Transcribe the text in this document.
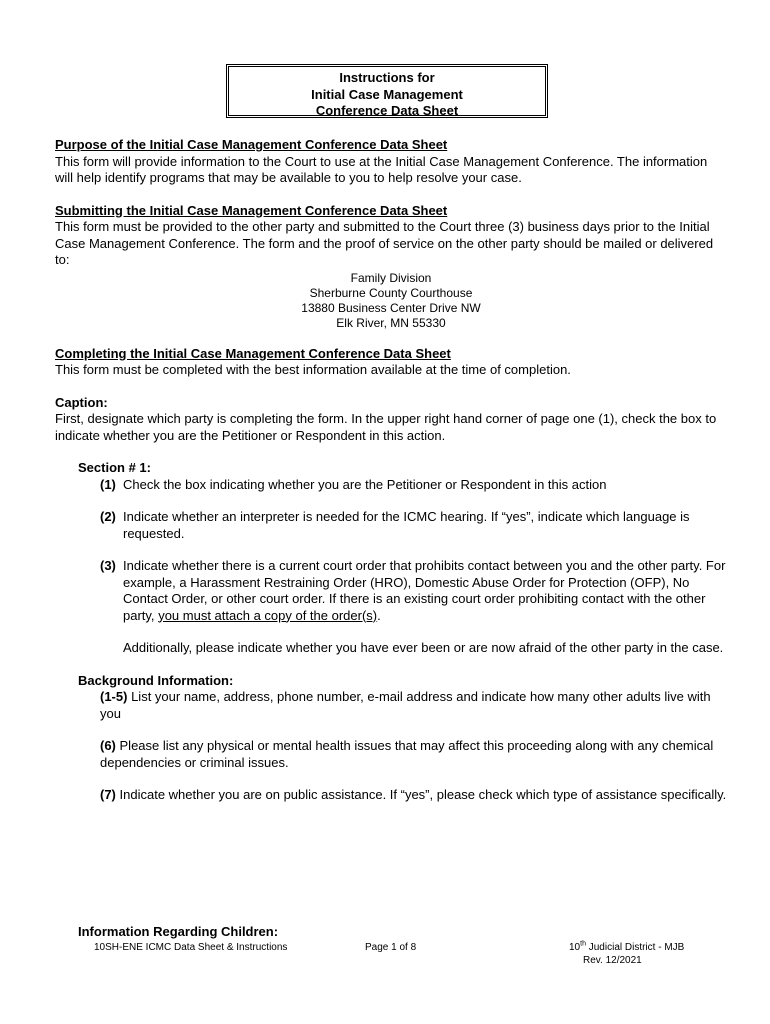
Instructions for
Initial Case Management
Conference Data Sheet

Purpose of the Initial Case Management Conference Data Sheet

This form will provide information to the Court to use at the Initial Case Management Conference. The information will help identify programs that may be available to you to help resolve your case.

Submitting the Initial Case Management Conference Data Sheet

This form must be provided to the other party and submitted to the Court three (3) business days prior to the Initial Case Management Conference. The form and the proof of service on the other party should be mailed or delivered to:

Family Division
Sherburne County Courthouse
13880 Business Center Drive NW
Elk River, MN 55330

Completing the Initial Case Management Conference Data Sheet

This form must be completed with the best information available at the time of completion.

Caption:

First, designate which party is completing the form. In the upper right hand corner of page one (1), check the box to indicate whether you are the Petitioner or Respondent in this action.

Section # 1:

(1) Check the box indicating whether you are the Petitioner or Respondent in this action
(2) Indicate whether an interpreter is needed for the ICMC hearing. If “yes”, indicate which language is requested.
(3) Indicate whether there is a current court order that prohibits contact between you and the other party. For example, a Harassment Restraining Order (HRO), Domestic Abuse Order for Protection (OFP), No Contact Order, or other court order. If there is an existing court order prohibiting contact with the other party, you must attach a copy of the order(s).
Additionally, please indicate whether you have ever been or are now afraid of the other party in the case.

Background Information:

(1-5) List your name, address, phone number, e-mail address and indicate how many other adults live with you

(6) Please list any physical or mental health issues that may affect this proceeding along with any chemical dependencies or criminal issues.

(7) Indicate whether you are on public assistance. If “yes”, please check which type of assistance specifically.

Information Regarding Children:

10SH-ENE ICMC Data Sheet & Instructions	Page 1 of 8	10th Judicial District - MJB
Rev. 12/2021
